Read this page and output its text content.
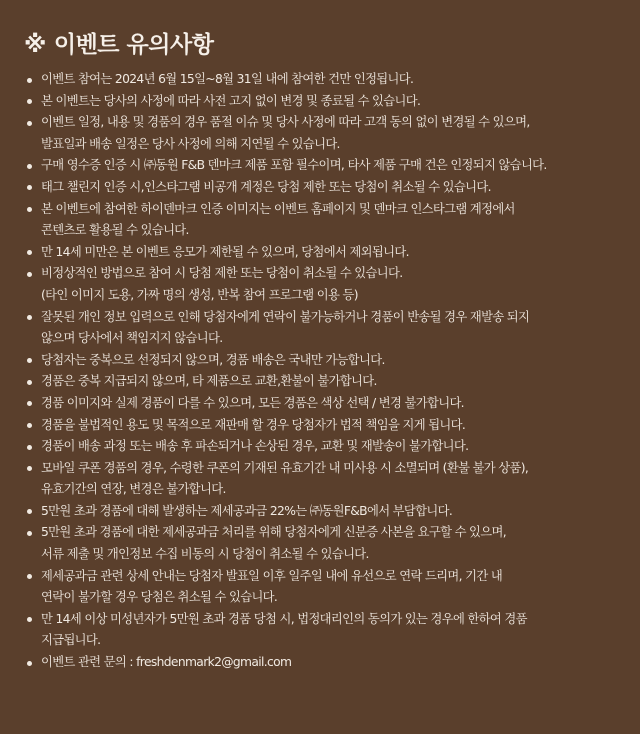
※ 이벤트 유의사항
이벤트 참여는 2024년 6월 15일~8월 31일 내에 참여한 건만 인정됩니다.
본 이벤트는 당사의 사정에 따라 사전 고지 없이 변경 및 종료될 수 있습니다.
이벤트 일정, 내용 및 경품의 경우 품절 이슈 및 당사 사정에 따라 고객 동의 없이 변경될 수 있으며,
발표일과 배송 일정은 당사 사정에 의해 지연될 수 있습니다.
구매 영수증 인증 시 ㈜동원 F&B 덴마크 제품 포함 필수이며, 타사 제품 구매 건은 인정되지 않습니다.
태그 챌린지 인증 시,인스타그램 비공개 계정은 당첨 제한 또는 당첨이 취소될 수 있습니다.
본 이벤트에 참여한 하이덴마크 인증 이미지는 이벤트 홈페이지 및 덴마크 인스타그램 계정에서
콘텐츠로 활용될 수 있습니다.
만 14세 미만은 본 이벤트 응모가 제한될 수 있으며, 당첨에서 제외됩니다.
비정상적인 방법으로 참여 시 당첨 제한 또는 당첨이 취소될 수 있습니다.
(타인 이미지 도용, 가짜 명의 생성, 반복 참여 프로그램 이용 등)
잘못된 개인 정보 입력으로 인해 당첨자에게 연락이 불가능하거나 경품이 반송될 경우 재발송 되지
않으며 당사에서 책임지지 않습니다.
당첨자는 중복으로 선정되지 않으며, 경품 배송은 국내만 가능합니다.
경품은 중복 지급되지 않으며, 타 제품으로 교환,환불이 불가합니다.
경품 이미지와 실제 경품이 다를 수 있으며, 모든 경품은 색상 선택 / 변경 불가합니다.
경품을 불법적인 용도 및 목적으로 재판매 할 경우 당첨자가 법적 책임을 지게 됩니다.
경품이 배송 과정 또는 배송 후 파손되거나 손상된 경우, 교환 및 재발송이 불가합니다.
모바일 쿠폰 경품의 경우, 수령한 쿠폰의 기재된 유효기간 내 미사용 시 소멸되며 (환불 불가 상품),
유효기간의 연장, 변경은 불가합니다.
5만원 초과 경품에 대해 발생하는 제세공과금 22%는 ㈜동원F&B에서 부담합니다.
5만원 초과 경품에 대한 제세공과금 처리를 위해 당첨자에게 신분증 사본을 요구할 수 있으며,
서류 제출 및 개인정보 수집 비동의 시 당첨이 취소될 수 있습니다.
제세공과금 관련 상세 안내는 당첨자 발표일 이후 일주일 내에 유선으로 연락 드리며, 기간 내
연락이 불가할 경우 당첨은 취소될 수 있습니다.
만 14세 이상 미성년자가 5만원 초과 경품 당첨 시, 법정대리인의 동의가 있는 경우에 한하여 경품
지급됩니다.
이벤트 관련 문의 : freshdenmark2@gmail.com
